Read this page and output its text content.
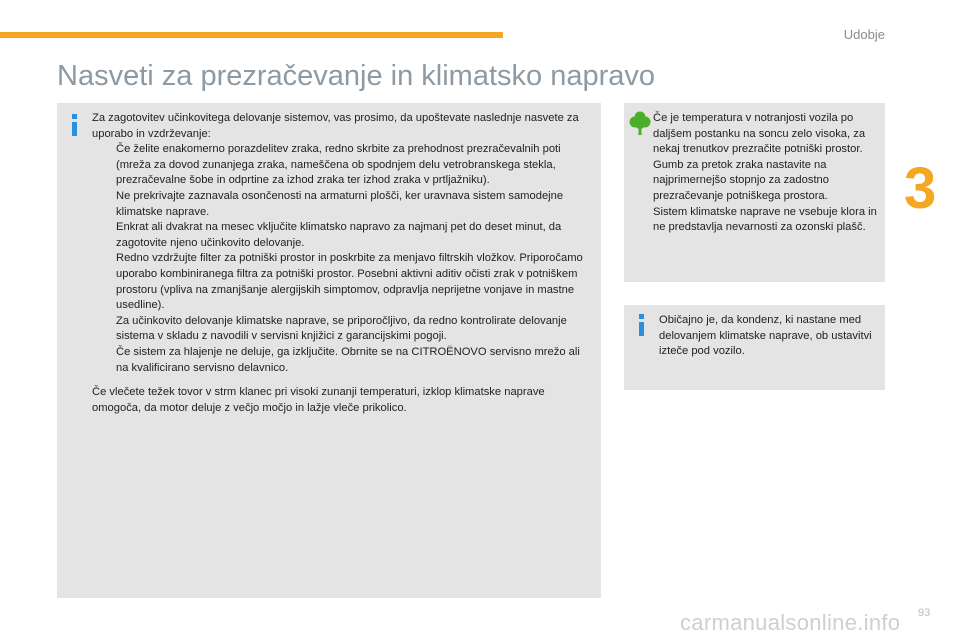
Udobje
3
Nasveti za prezračevanje in klimatsko napravo

Za zagotovitev učinkovitega delovanje sistemov, vas prosimo, da upoštevate naslednje nasvete za uporabo in vzdrževanje:

Če želite enakomerno porazdelitev zraka, redno skrbite za prehodnost prezračevalnih poti (mreža za dovod zunanjega zraka, nameščena ob spodnjem delu vetrobranskega stekla, prezračevalne šobe in odprtine za izhod zraka ter izhod zraka v prtljažniku).
Ne prekrivajte zaznavala osončenosti na armaturni plošči, ker uravnava sistem samodejne klimatske naprave.
Enkrat ali dvakrat na mesec vključite klimatsko napravo za najmanj pet do deset minut, da zagotovite njeno učinkovito delovanje.
Redno vzdržujte filter za potniški prostor in poskrbite za menjavo filtrskih vložkov. Priporočamo uporabo kombiniranega filtra za potniški prostor. Posebni aktivni aditiv očisti zrak v potniškem prostoru (vpliva na zmanjšanje alergijskih simptomov, odpravlja neprijetne vonjave in mastne usedline).
Za učinkovito delovanje klimatske naprave, se priporočljivo, da redno kontrolirate delovanje sistema v skladu z navodili v servisni knjižici z garancijskimi pogoji.
Če sistem za hlajenje ne deluje, ga izključite. Obrnite se na CITROËNOVO servisno mrežo ali na kvalificirano servisno delavnico.

Če vlečete težek tovor v strm klanec pri visoki zunanji temperaturi, izklop klimatske naprave omogoča, da motor deluje z večjo močjo in lažje vleče prikolico.

Če je temperatura v notranjosti vozila po daljšem postanku na soncu zelo visoka, za nekaj trenutkov prezračite potniški prostor.

Gumb za pretok zraka nastavite na najprimernejšo stopnjo za zadostno prezračevanje potniškega prostora.

Sistem klimatske naprave ne vsebuje klora in ne predstavlja nevarnosti za ozonski plašč.

Običajno je, da kondenz, ki nastane med delovanjem klimatske naprave, ob ustavitvi izteče pod vozilo.
carmanualsonline.info 93
